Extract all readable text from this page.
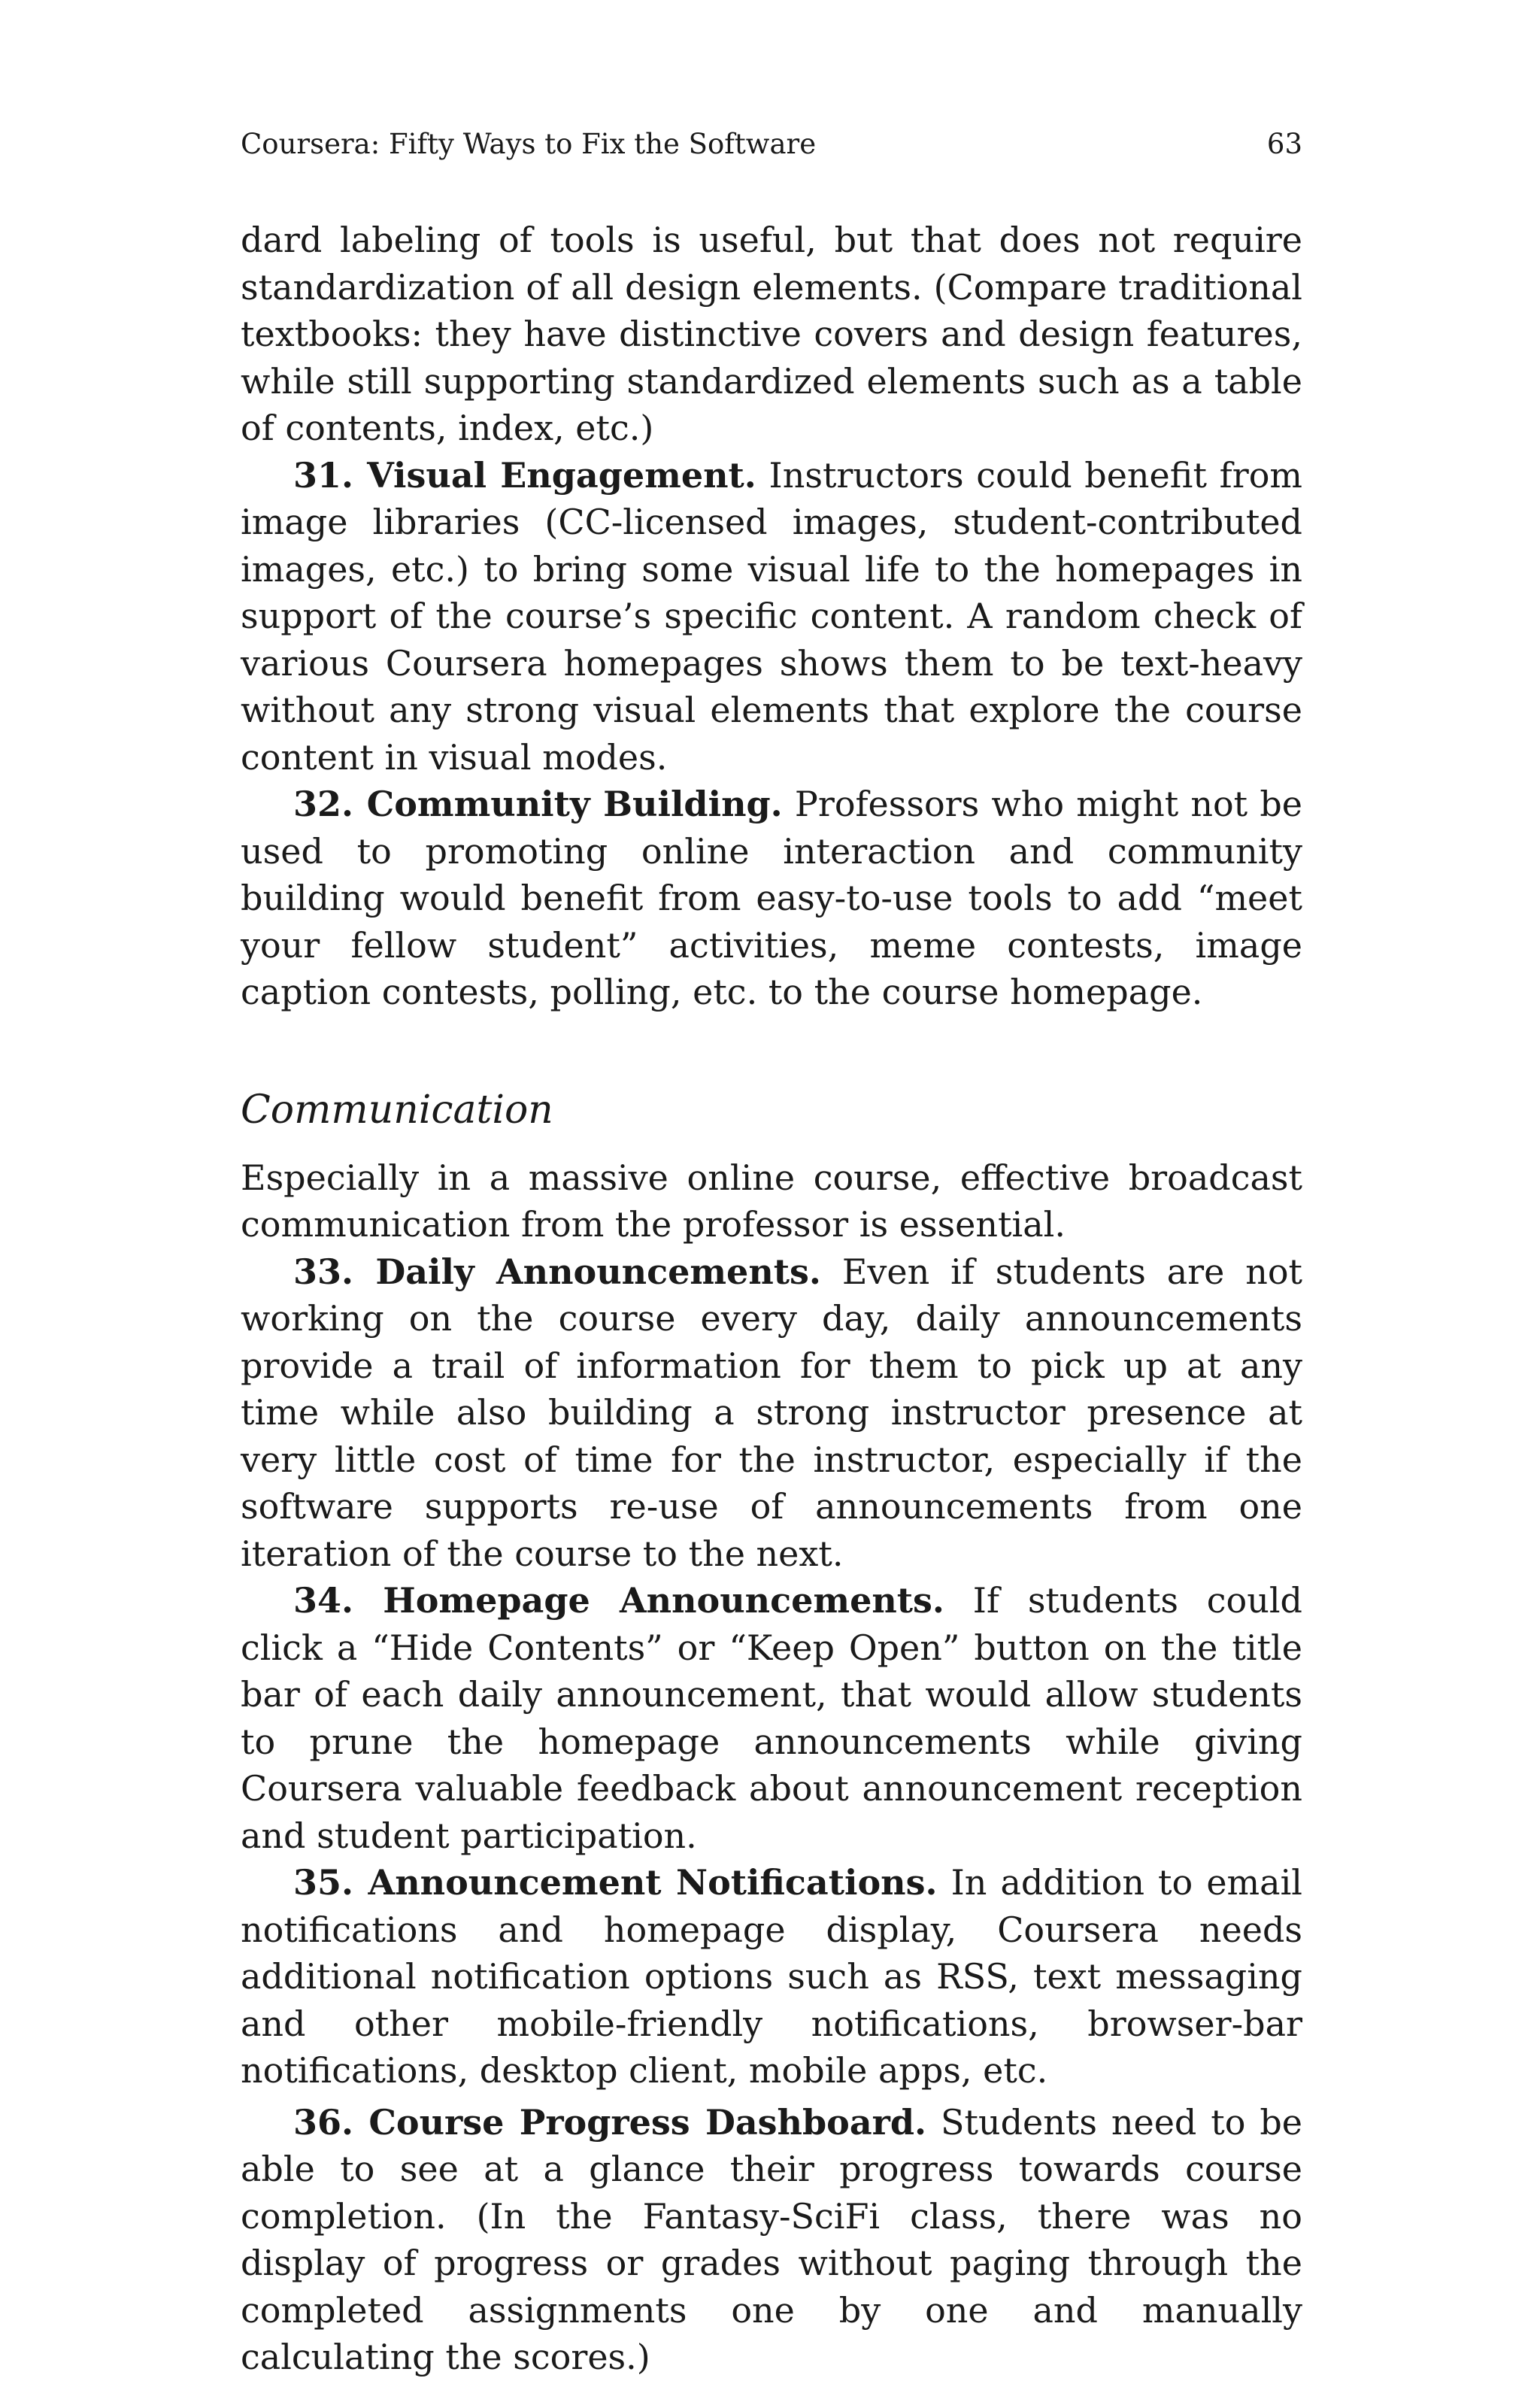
Coursera: Fifty Ways to Fix the Software	63

dard labeling of tools is useful, but that does not require standardization of all design elements. (Compare traditional textbooks: they have distinctive covers and design features, while still supporting standardized elements such as a table of contents, index, etc.)

31. Visual Engagement. Instructors could benefit from image libraries (CC-licensed images, student-contributed images, etc.) to bring some visual life to the homepages in support of the course’s specific content. A random check of various Coursera homepages shows them to be text-heavy without any strong visual elements that explore the course content in visual modes.

32. Community Building. Professors who might not be used to promoting online interaction and community building would benefit from easy-to-use tools to add “meet your fellow student” activities, meme contests, image caption contests, polling, etc. to the course homepage.

Communication

Especially in a massive online course, effective broadcast communication from the professor is essential.

33. Daily Announcements. Even if students are not working on the course every day, daily announcements provide a trail of information for them to pick up at any time while also building a strong instructor presence at very little cost of time for the instructor, especially if the software supports re-use of announcements from one iteration of the course to the next.

34. Homepage Announcements. If students could click a “Hide Contents” or “Keep Open” button on the title bar of each daily announcement, that would allow students to prune the homepage announcements while giving Coursera valuable feedback about announcement reception and student participation.

35. Announcement Notifications. In addition to email notifications and homepage display, Coursera needs additional notification options such as RSS, text messaging and other mobile-friendly notifications, browser-bar notifications, desktop client, mobile apps, etc.

36. Course Progress Dashboard. Students need to be able to see at a glance their progress towards course completion. (In the Fantasy-SciFi class, there was no display of progress or grades without paging through the completed assignments one by one and manually calculating the scores.)
